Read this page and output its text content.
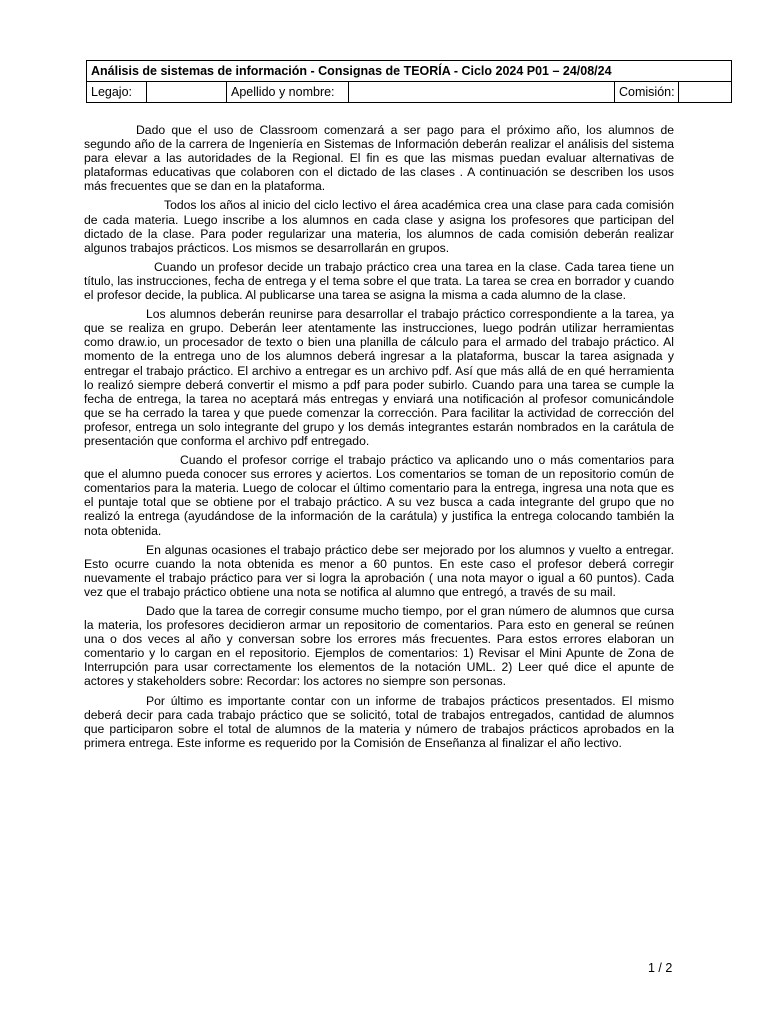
Análisis de sistemas de información - Consignas de TEORÍA - Ciclo 2024 P01 – 24/08/24
Legajo:		Apellido y nombre:		Comisión:	

Dado que el uso de Classroom comenzará a ser pago para el próximo año, los alumnos de segundo año de la carrera de Ingeniería en Sistemas de Información deberán realizar el análisis del sistema para elevar a las autoridades de la Regional. El fin es que las mismas puedan evaluar alternativas de plataformas educativas que colaboren con el dictado de las clases . A continuación se describen los usos más frecuentes que se dan en la plataforma.

Todos los años al inicio del ciclo lectivo el área académica crea una clase para cada comisión de cada materia. Luego inscribe a los alumnos en cada clase y asigna los profesores que participan del dictado de la clase. Para poder regularizar una materia, los alumnos de cada comisión deberán realizar algunos trabajos prácticos. Los mismos se desarrollarán en grupos.

Cuando un profesor decide un trabajo práctico crea una tarea en la clase. Cada tarea tiene un título, las instrucciones, fecha de entrega y el tema sobre el que trata. La tarea se crea en borrador y cuando el profesor decide, la publica. Al publicarse una tarea se asigna la misma a cada alumno de la clase.

Los alumnos deberán reunirse para desarrollar el trabajo práctico correspondiente a la tarea, ya que se realiza en grupo. Deberán leer atentamente las instrucciones, luego podrán utilizar herramientas como draw.io, un procesador de texto o bien una planilla de cálculo para el armado del trabajo práctico. Al momento de la entrega uno de los alumnos deberá ingresar a la plataforma, buscar la tarea asignada y entregar el trabajo práctico. El archivo a entregar es un archivo pdf. Así que más allá de en qué herramienta lo realizó siempre deberá convertir el mismo a pdf para poder subirlo. Cuando para una tarea se cumple la fecha de entrega, la tarea no aceptará más entregas y enviará una notificación al profesor comunicándole que se ha cerrado la tarea y que puede comenzar la corrección. Para facilitar la actividad de corrección del profesor, entrega un solo integrante del grupo y los demás integrantes estarán nombrados en la carátula de presentación que conforma el archivo pdf entregado.

Cuando el profesor corrige el trabajo práctico va aplicando uno o más comentarios para que el alumno pueda conocer sus errores y aciertos. Los comentarios se toman de un repositorio común de comentarios para la materia. Luego de colocar el último comentario para la entrega, ingresa una nota que es el puntaje total que se obtiene por el trabajo práctico. A su vez busca a cada integrante del grupo que no realizó la entrega (ayudándose de la información de la carátula) y justifica la entrega colocando también la nota obtenida.

En algunas ocasiones el trabajo práctico debe ser mejorado por los alumnos y vuelto a entregar. Esto ocurre cuando la nota obtenida es menor a 60 puntos. En este caso el profesor deberá corregir nuevamente el trabajo práctico para ver si logra la aprobación ( una nota mayor o igual a 60 puntos). Cada vez que el trabajo práctico obtiene una nota se notifica al alumno que entregó, a través de su mail.

Dado que la tarea de corregir consume mucho tiempo, por el gran número de alumnos que cursa la materia, los profesores decidieron armar un repositorio de comentarios. Para esto en general se reúnen una o dos veces al año y conversan sobre los errores más frecuentes. Para estos errores elaboran un comentario y lo cargan en el repositorio. Ejemplos de comentarios: 1) Revisar el Mini Apunte de Zona de Interrupción para usar correctamente los elementos de la notación UML. 2) Leer qué dice el apunte de actores y stakeholders sobre: Recordar: los actores no siempre son personas.

Por último es importante contar con un informe de trabajos prácticos presentados. El mismo deberá decir para cada trabajo práctico que se solicitó, total de trabajos entregados, cantidad de alumnos que participaron sobre el total de alumnos de la materia y número de trabajos prácticos aprobados en la primera entrega. Este informe es requerido por la Comisión de Enseñanza al finalizar el año lectivo.

1 / 2
